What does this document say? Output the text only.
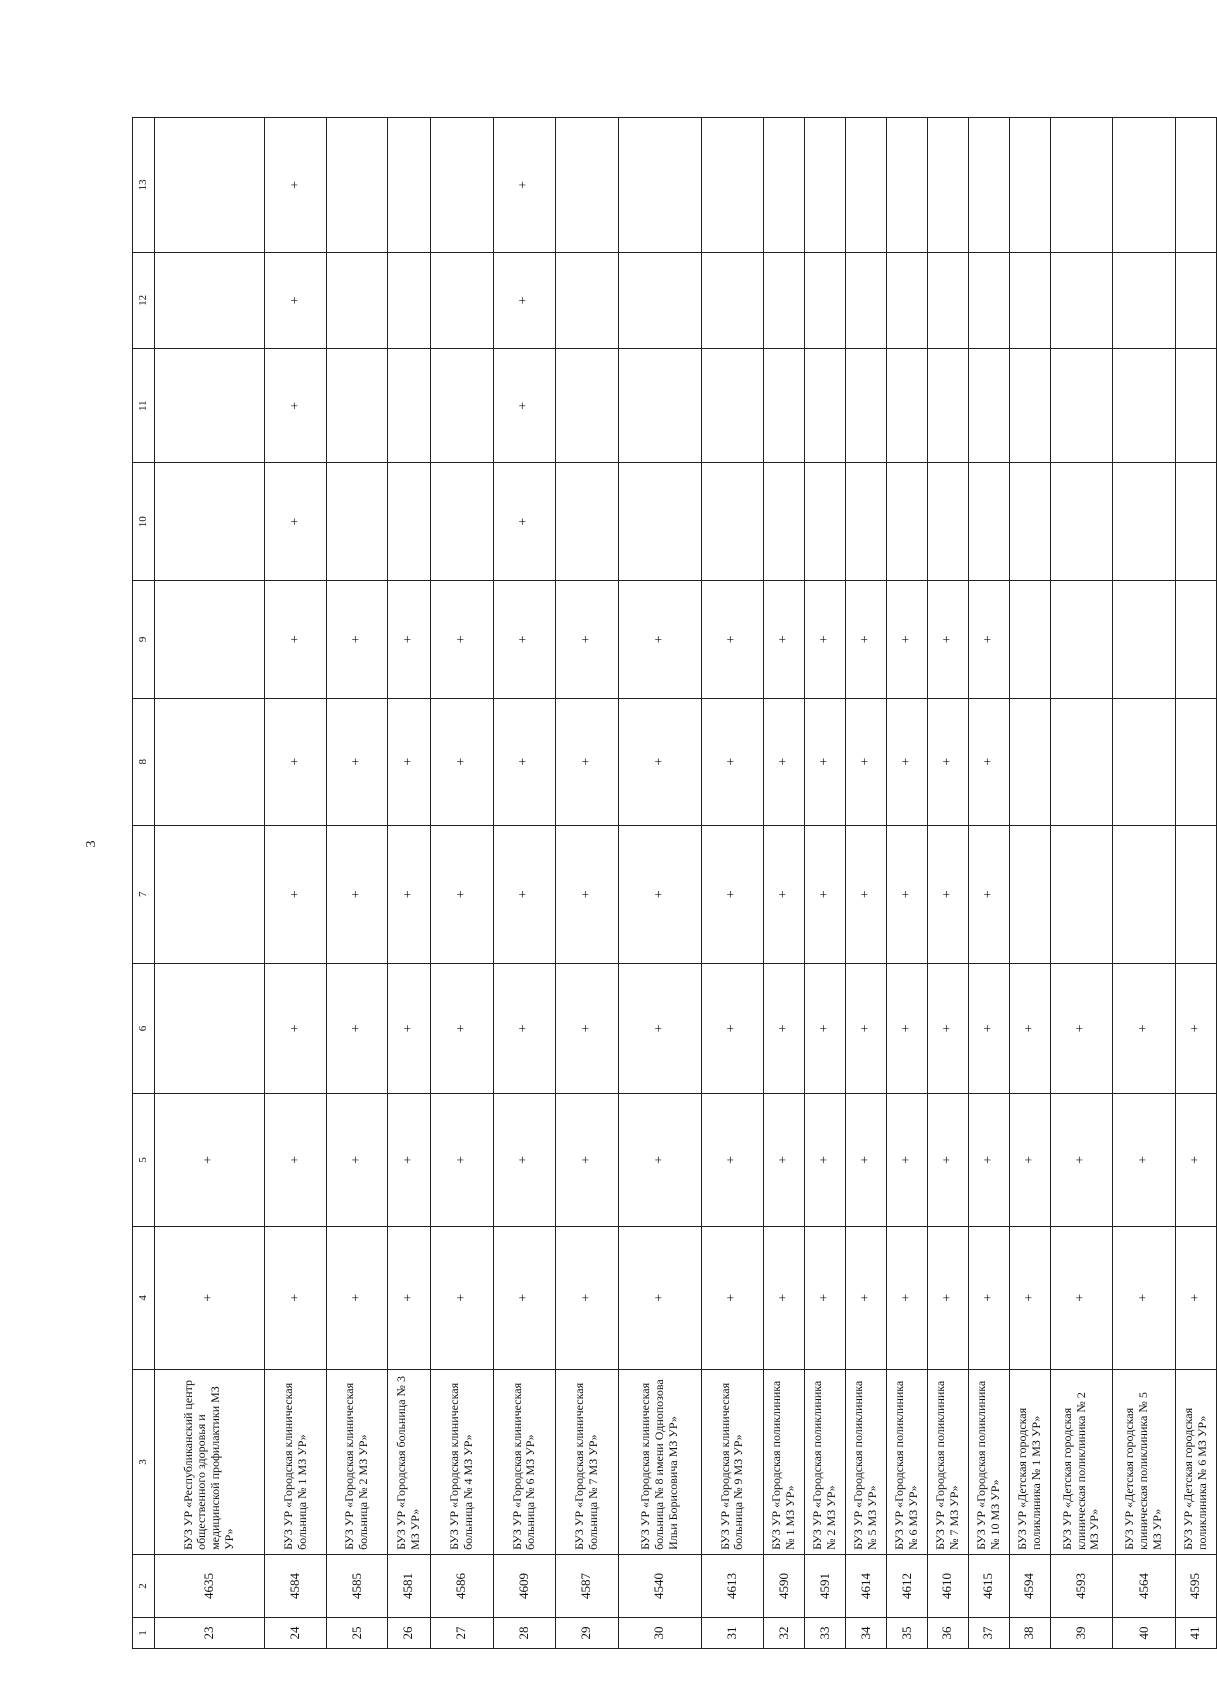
3
1	2	3	4	5	6	7	8	9	10	11	12	13
23	4635	БУЗ УР «Республиканский центр общественного здоровья и медицинской профилактики МЗ УР»	+	+								
24	4584	БУЗ УР «Городская клиническая больница № 1 МЗ УР»	+	+	+	+	+	+	+	+	+	+
25	4585	БУЗ УР «Городская клиническая больница № 2 МЗ УР»	+	+	+	+	+	+				
26	4581	БУЗ УР «Городская больница № 3 МЗ УР»	+	+	+	+	+	+				
27	4586	БУЗ УР «Городская клиническая больница № 4 МЗ УР»	+	+	+	+	+	+				
28	4609	БУЗ УР «Городская клиническая больница № 6 МЗ УР»	+	+	+	+	+	+	+	+	+	+
29	4587	БУЗ УР «Городская клиническая больница № 7 МЗ УР»	+	+	+	+	+	+				
30	4540	БУЗ УР «Городская клиническая больница № 8 имени Однопозова Ильи Борисовича МЗ УР»	+	+	+	+	+	+				
31	4613	БУЗ УР «Городская клиническая больница № 9 МЗ УР»	+	+	+	+	+	+				
32	4590	БУЗ УР «Городская поликлиника № 1 МЗ УР»	+	+	+	+	+	+				
33	4591	БУЗ УР «Городская поликлиника № 2 МЗ УР»	+	+	+	+	+	+				
34	4614	БУЗ УР «Городская поликлиника № 5 МЗ УР»	+	+	+	+	+	+				
35	4612	БУЗ УР «Городская поликлиника № 6 МЗ УР»	+	+	+	+	+	+				
36	4610	БУЗ УР «Городская поликлиника № 7 МЗ УР»	+	+	+	+	+	+				
37	4615	БУЗ УР «Городская поликлиника № 10 МЗ УР»	+	+	+	+	+	+				
38	4594	БУЗ УР «Детская городская поликлиника № 1 МЗ УР»	+	+	+							
39	4593	БУЗ УР «Детская городская клиническая поликлиника № 2 МЗ УР»	+	+	+							
40	4564	БУЗ УР «Детская городская клиническая поликлиника № 5 МЗ УР»	+	+	+							
41	4595	БУЗ УР «Детская городская поликлиника № 6 МЗ УР»	+	+	+							
